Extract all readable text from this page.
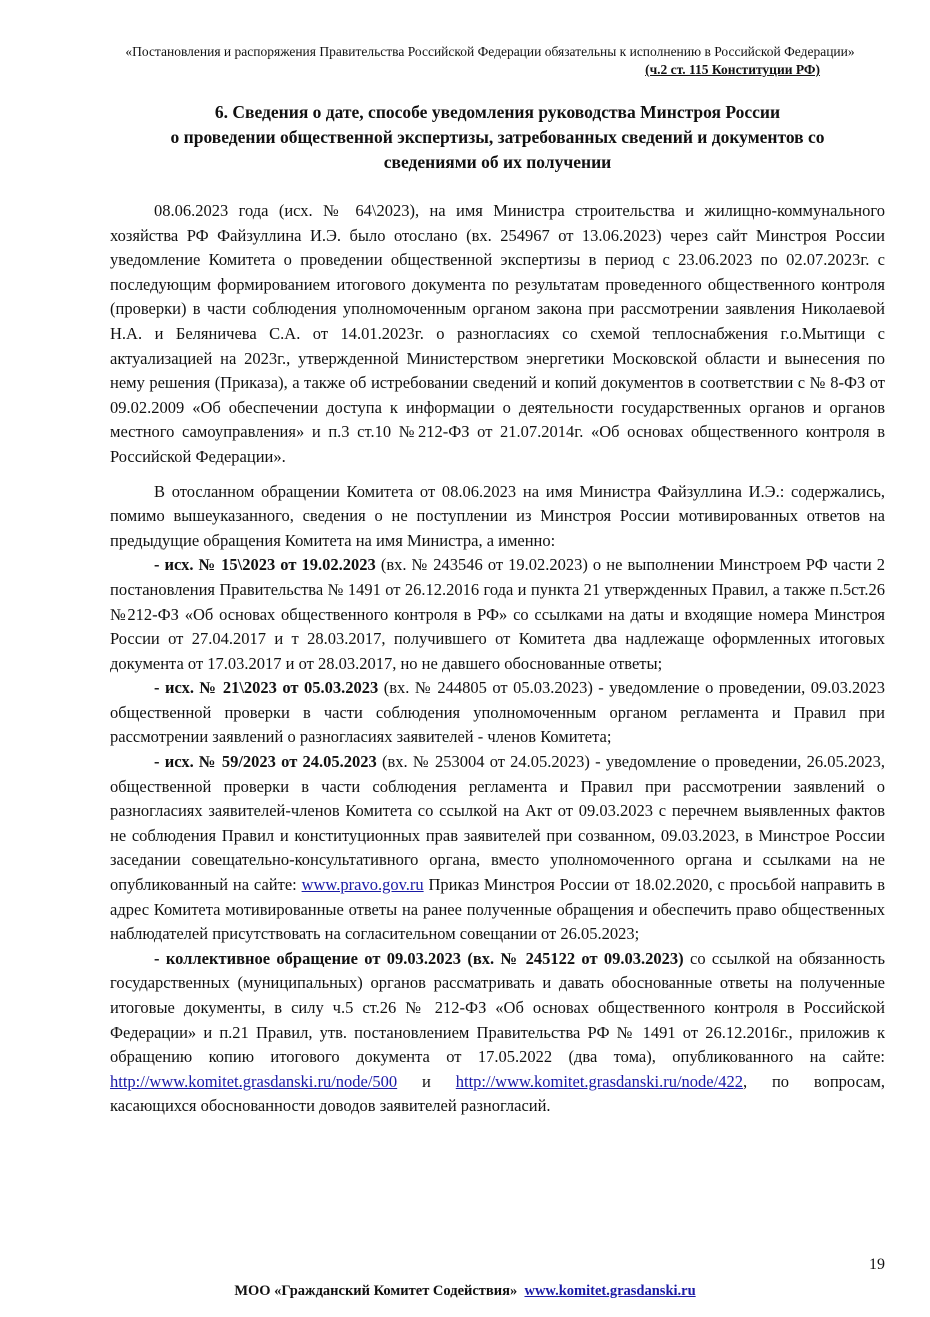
«Постановления и распоряжения Правительства Российской Федерации обязательны к исполнению в Российской Федерации»
(ч.2 ст. 115 Конституции РФ)

6. Сведения о дате, способе уведомления руководства Минстроя России

о проведении общественной экспертизы, затребованных сведений и документов со

сведениями об их получении

08.06.2023 года (исх. № 64\2023), на имя Министра строительства и жилищно-коммунального хозяйства РФ Файзуллина И.Э. было отослано (вх. 254967 от 13.06.2023) через сайт Минстроя России уведомление Комитета о проведении общественной экспертизы в период с 23.06.2023 по 02.07.2023г. с последующим формированием итогового документа по результатам проведенного общественного контроля (проверки) в части соблюдения уполномоченным органом закона при рассмотрении заявления Николаевой Н.А. и Беляничева С.А. от 14.01.2023г. о разногласиях со схемой теплоснабжения г.о.Мытищи с актуализацией на 2023г., утвержденной Министерством энергетики Московской области и вынесения по нему решения (Приказа), а также об истребовании сведений и копий документов в соответствии с № 8-ФЗ от 09.02.2009 «Об обеспечении доступа к информации о деятельности государственных органов и органов местного самоуправления» и п.3 ст.10 №212-ФЗ от 21.07.2014г. «Об основах общественного контроля в Российской Федерации».

В отосланном обращении Комитета от 08.06.2023 на имя Министра Файзуллина И.Э.: содержались, помимо вышеуказанного, сведения о не поступлении из Минстроя России мотивированных ответов на предыдущие обращения Комитета на имя Министра, а именно:

- исх. № 15\2023 от 19.02.2023 (вх. № 243546 от 19.02.2023) о не выполнении Минстроем РФ части 2 постановления Правительства № 1491 от 26.12.2016 года и пункта 21 утвержденных Правил, а также п.5ст.26 №212-ФЗ «Об основах общественного контроля в РФ» со ссылками на даты и входящие номера Минстроя России от 27.04.2017 и т 28.03.2017, получившего от Комитета два надлежаще оформленных итоговых документа от 17.03.2017 и от 28.03.2017, но не давшего обоснованные ответы;

- исх. № 21\2023 от 05.03.2023 (вх. № 244805 от 05.03.2023) - уведомление о проведении, 09.03.2023 общественной проверки в части соблюдения уполномоченным органом регламента и Правил при рассмотрении заявлений о разногласиях заявителей - членов Комитета;

- исх. № 59/2023 от 24.05.2023 (вх. № 253004 от 24.05.2023) - уведомление о проведении, 26.05.2023, общественной проверки в части соблюдения регламента и Правил при рассмотрении заявлений о разногласиях заявителей-членов Комитета со ссылкой на Акт от 09.03.2023 с перечнем выявленных фактов не соблюдения Правил и конституционных прав заявителей при созванном, 09.03.2023, в Минстрое России заседании совещательно-консультативного органа, вместо уполномоченного органа и ссылками на не опубликованный на сайте: www.pravo.gov.ru Приказ Минстроя России от 18.02.2020, с просьбой направить в адрес Комитета мотивированные ответы на ранее полученные обращения и обеспечить право общественных наблюдателей присутствовать на согласительном совещании от 26.05.2023;

- коллективное обращение от 09.03.2023 (вх. № 245122 от 09.03.2023) со ссылкой на обязанность государственных (муниципальных) органов рассматривать и давать обоснованные ответы на полученные итоговые документы, в силу ч.5 ст.26 № 212-ФЗ «Об основах общественного контроля в Российской Федерации» и п.21 Правил, утв. постановлением Правительства РФ № 1491 от 26.12.2016г., приложив к обращению копию итогового документа от 17.05.2022 (два тома), опубликованного на сайте: http://www.komitet.grasdanski.ru/node/500 и http://www.komitet.grasdanski.ru/node/422, по вопросам, касающихся обоснованности доводов заявителей разногласий.

19
МОО «Гражданский Комитет Содействия» www.komitet.grasdanski.ru
